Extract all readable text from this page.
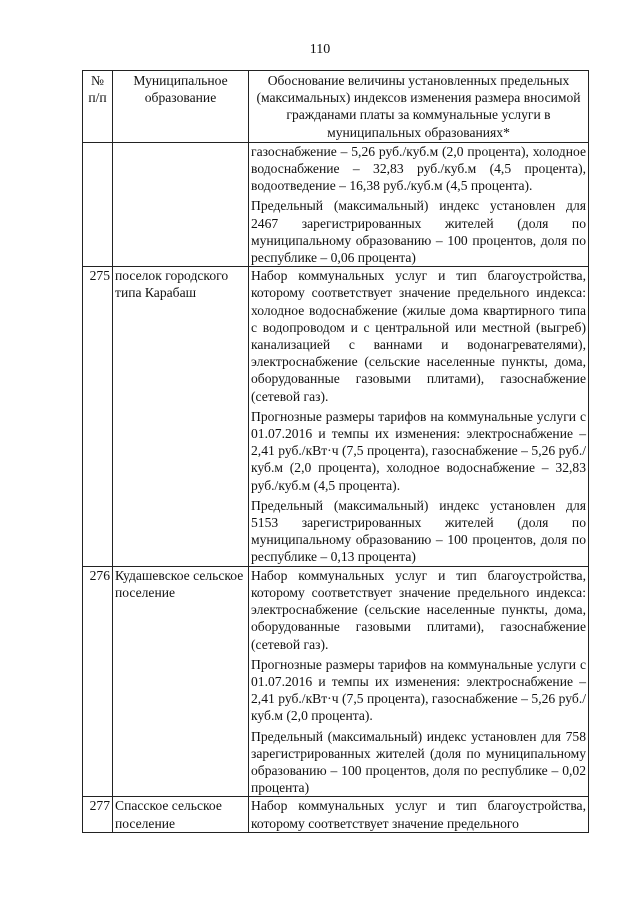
110
№ п/п	Муниципальное образование	Обоснование величины установленных предельных (максимальных) индексов изменения размера вносимой гражданами платы за коммунальные услуги в муниципальных образованиях*

		газоснабжение – 5,26 руб./куб.м (2,0 процента), холодное водоснабжение – 32,83 руб./куб.м (4,5 процента), водоотведение – 16,38 руб./куб.м (4,5 процента).

Предельный (максимальный) индекс установлен для 2467 зарегистрированных жителей (доля по муниципальному образованию – 100 процентов, доля по республике – 0,06 процента)

275	поселок городского типа Карабаш	Набор коммунальных услуг и тип благоустройства, которому соответствует значение предельного индекса: холодное водоснабжение (жилые дома квартирного типа с водопроводом и с центральной или местной (выгреб) канализацией с ваннами и водонагревателями), электроснабжение (сельские населенные пункты, дома, оборудованные газовыми плитами), газоснабжение (сетевой газ).

Прогнозные размеры тарифов на коммунальные услуги с 01.07.2016 и темпы их изменения: электроснабжение – 2,41 руб./кВт·ч (7,5 процента), газоснабжение – 5,26 руб./куб.м (2,0 процента), холодное водоснабжение – 32,83 руб./куб.м (4,5 процента).

Предельный (максимальный) индекс установлен для 5153 зарегистрированных жителей (доля по муниципальному образованию – 100 процентов, доля по республике – 0,13 процента)

276	Кудашевское сельское поселение	Набор коммунальных услуг и тип благоустройства, которому соответствует значение предельного индекса: электроснабжение (сельские населенные пункты, дома, оборудованные газовыми плитами), газоснабжение (сетевой газ).

Прогнозные размеры тарифов на коммунальные услуги с 01.07.2016 и темпы их изменения: электроснабжение – 2,41 руб./кВт·ч (7,5 процента), газоснабжение – 5,26 руб./куб.м (2,0 процента).

Предельный (максимальный) индекс установлен для 758 зарегистрированных жителей (доля по муниципальному образованию – 100 процентов, доля по республике – 0,02 процента)

277	Спасское сельское поселение	Набор коммунальных услуг и тип благоустройства, которому соответствует значение предельного
